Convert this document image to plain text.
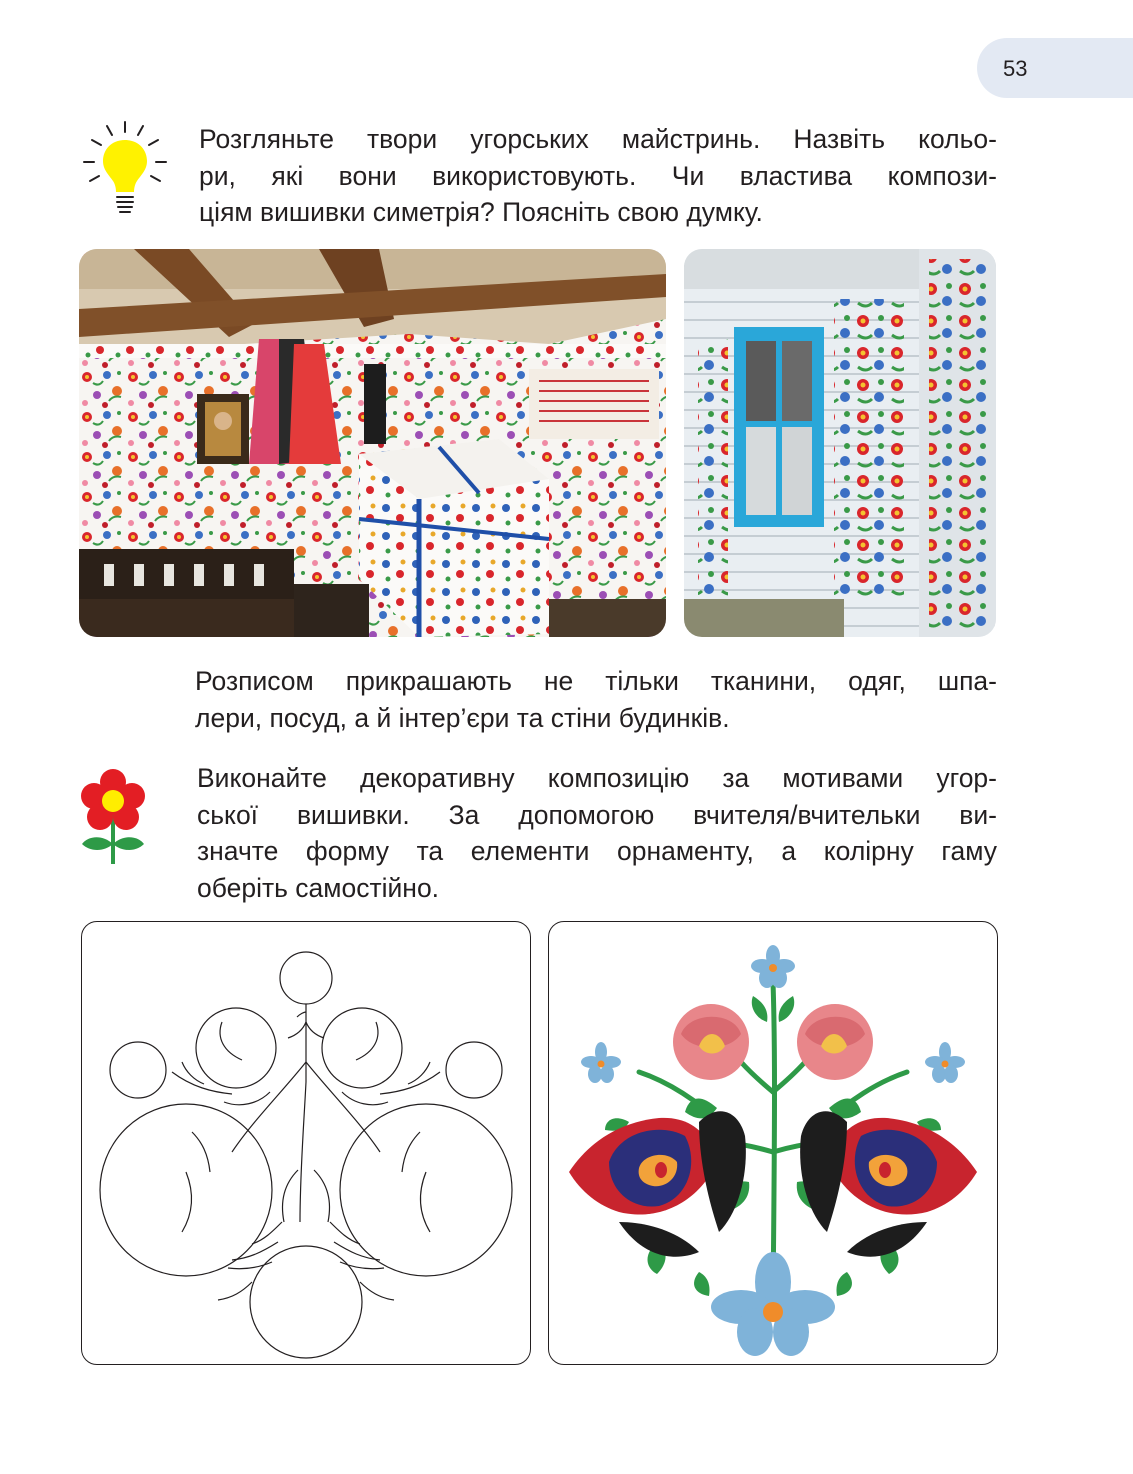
53
Розгляньте твори угорських майстринь. Назвіть кольо-
ри, які вони використовують. Чи властива компози-
ціям вишивки симетрія? Поясніть свою думку.
Розписом прикрашають не тільки тканини, одяг, шпа-
лери, посуд, а й інтер’єри та стіни будинків.
Виконайте декоративну композицію за мотивами угор-
ської вишивки. За допомогою вчителя/вчительки ви-
значте форму та елементи орнаменту, а колірну гаму
оберіть самостійно.
